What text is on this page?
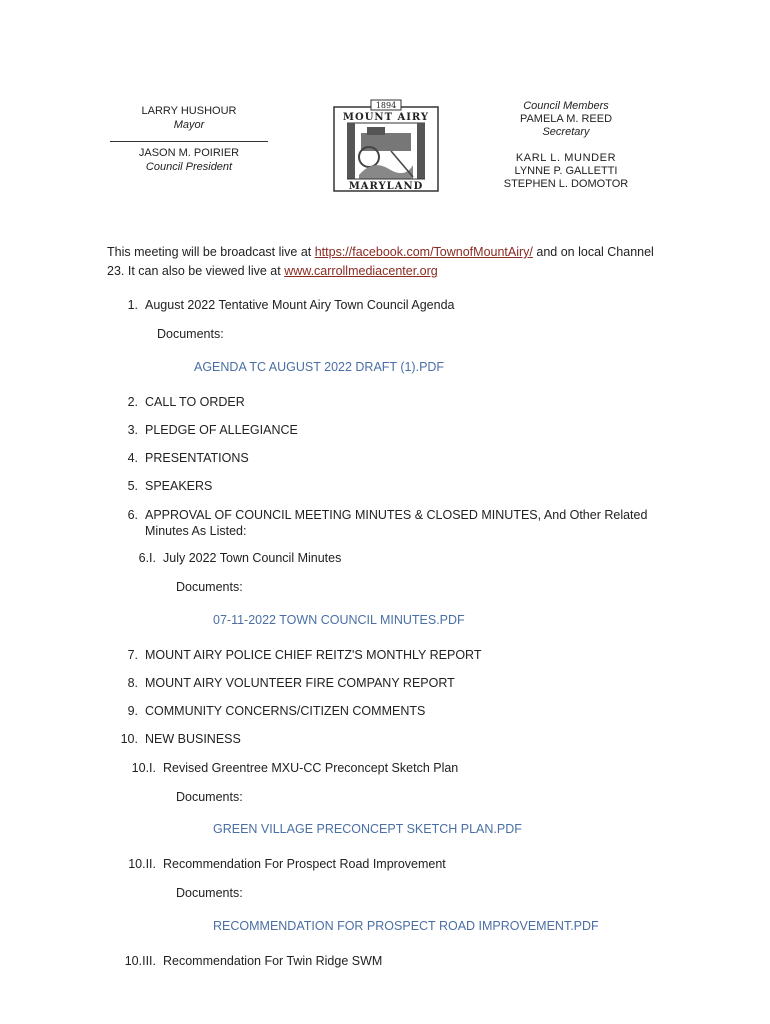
LARRY HUSHOUR
Mayor
JASON M. POIRIER
Council President
1894
MOUNT AIRY
MARYLAND
Council Members
PAMELA M. REED
Secretary
KARL L. MUNDER
LYNNE P. GALLETTI
STEPHEN L. DOMOTOR
This meeting will be broadcast live at https://facebook.com/TownofMountAiry/ and on local Channel 23. It can also be viewed live at www.carrollmediacenter.org
1. August 2022 Tentative Mount Airy Town Council Agenda
Documents:
AGENDA TC AUGUST 2022 DRAFT (1).PDF
2. CALL TO ORDER
3. PLEDGE OF ALLEGIANCE
4. PRESENTATIONS
5. SPEAKERS
6. APPROVAL OF COUNCIL MEETING MINUTES & CLOSED MINUTES, And Other Related Minutes As Listed:
6.I. July 2022 Town Council Minutes
Documents:
07-11-2022 TOWN COUNCIL MINUTES.PDF
7. MOUNT AIRY POLICE CHIEF REITZ'S MONTHLY REPORT
8. MOUNT AIRY VOLUNTEER FIRE COMPANY REPORT
9. COMMUNITY CONCERNS/CITIZEN COMMENTS
10. NEW BUSINESS
10.I. Revised Greentree MXU-CC Preconcept Sketch Plan
Documents:
GREEN VILLAGE PRECONCEPT SKETCH PLAN.PDF
10.II. Recommendation For Prospect Road Improvement
Documents:
RECOMMENDATION FOR PROSPECT ROAD IMPROVEMENT.PDF
10.III. Recommendation For Twin Ridge SWM
